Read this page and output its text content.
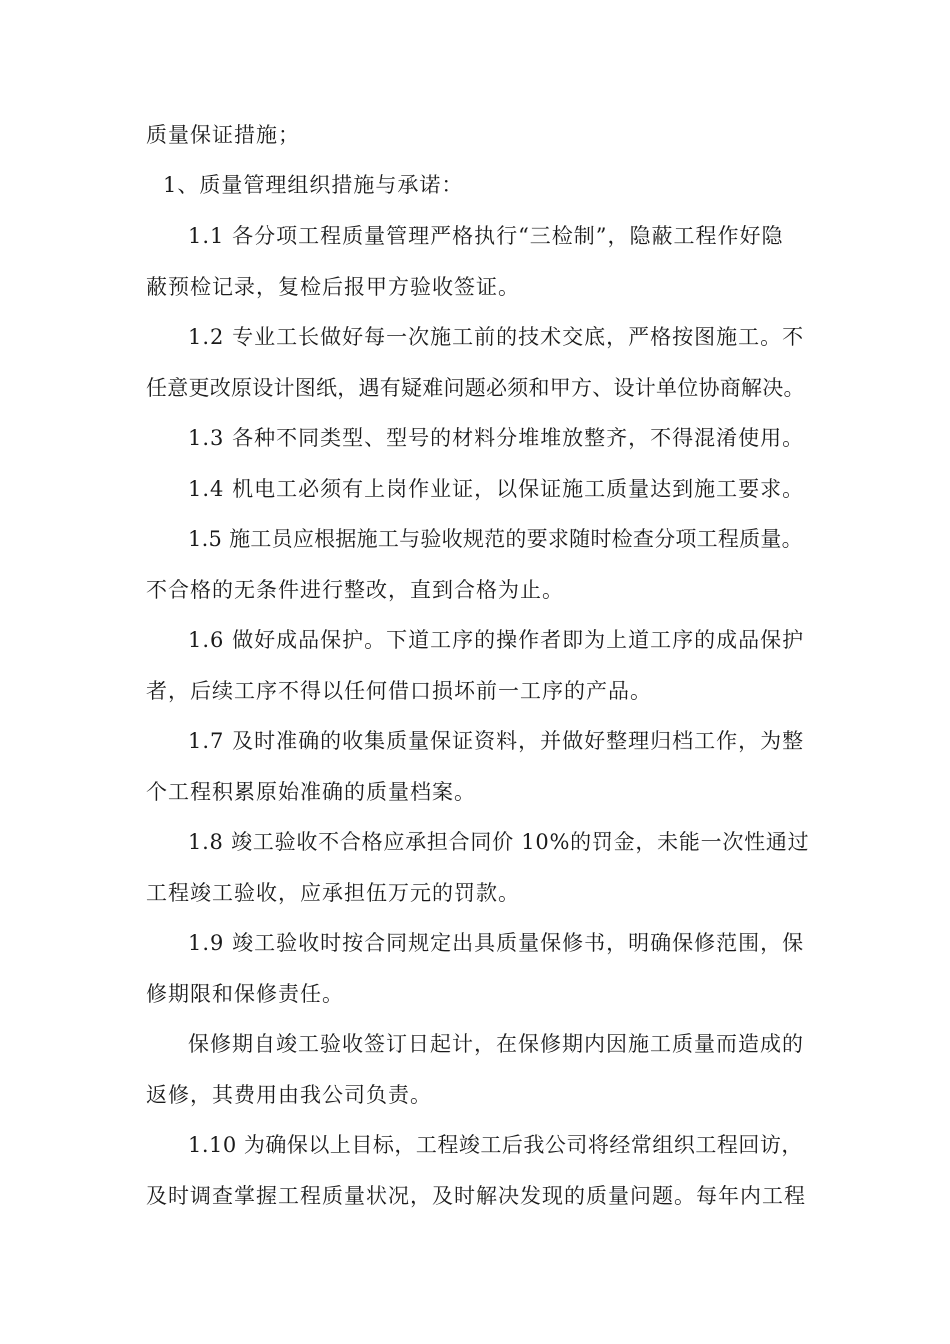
质量保证措施；
1、质量管理组织措施与承诺：
1.1 各分项工程质量管理严格执行“三检制”，隐蔽工程作好隐
蔽预检记录，复检后报甲方验收签证。
1.2 专业工长做好每一次施工前的技术交底，严格按图施工。不
任意更改原设计图纸，遇有疑难问题必须和甲方、设计单位协商解决。
1.3 各种不同类型、型号的材料分堆堆放整齐，不得混淆使用。
1.4 机电工必须有上岗作业证，以保证施工质量达到施工要求。
1.5 施工员应根据施工与验收规范的要求随时检查分项工程质量。
不合格的无条件进行整改，直到合格为止。
1.6 做好成品保护。下道工序的操作者即为上道工序的成品保护
者，后续工序不得以任何借口损坏前一工序的产品。
1.7 及时准确的收集质量保证资料，并做好整理归档工作，为整
个工程积累原始准确的质量档案。
1.8 竣工验收不合格应承担合同价 10%的罚金，未能一次性通过
工程竣工验收，应承担伍万元的罚款。
1.9 竣工验收时按合同规定出具质量保修书，明确保修范围，保
修期限和保修责任。
保修期自竣工验收签订日起计，在保修期内因施工质量而造成的
返修，其费用由我公司负责。
1.10 为确保以上目标，工程竣工后我公司将经常组织工程回访，
及时调查掌握工程质量状况，及时解决发现的质量问题。每年内工程
